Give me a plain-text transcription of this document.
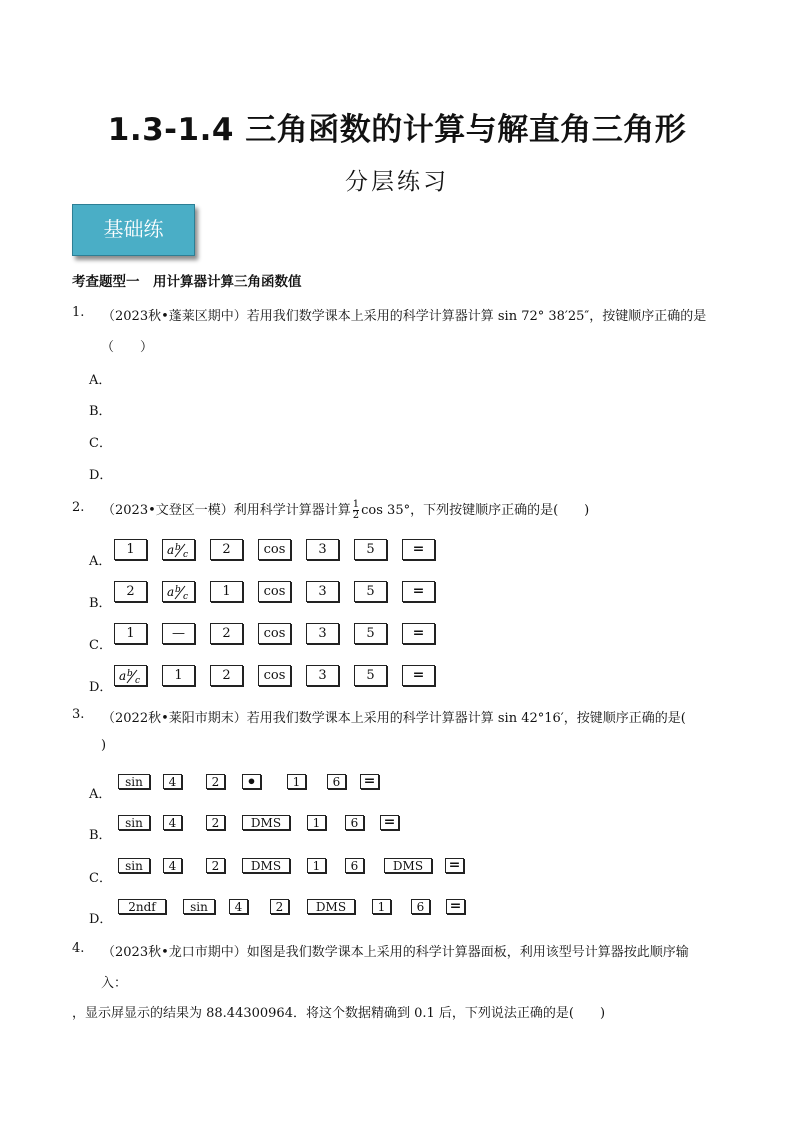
1.3-1.4 三角函数的计算与解直角三角形
分层练习
基础练
考查题型一　用计算器计算三角函数值
1. （2023秋•蓬莱区期中）若用我们数学课本上采用的科学计算器计算 sin 72° 38′25″，按键顺序正确的是
（　　）
A．
B．
C．
D．
2. （2023•文登区一模）利用科学计算器计算 $\frac{1}{2}$ cos 35°，下列按键顺序正确的是(　　)
A．
1	a b
c	2	cos	3	5	=
B．
2	a b
c	1	cos	3	5	=
C．
1	—	2	cos	3	5	=
D．
a b
c	1	2	cos	3	5	=
3. （2022秋•莱阳市期末）若用我们数学课本上采用的科学计算器计算 sin 42°16′，按键顺序正确的是(
)
A．
sin 4	2 •	1	6 =
B．
sin 4	2	DMS	1	6 =
C．
sin 4	2	DMS	1	6	DMS =
D．
2ndf	sin 4	2	DMS	1	6 =
4. （2023秋•龙口市期中）如图是我们数学课本上采用的科学计算器面板，利用该型号计算器按此顺序输
入：
，显示屏显示的结果为 88.44300964．将这个数据精确到 0.1 后，下列说法正确的是(　　)
